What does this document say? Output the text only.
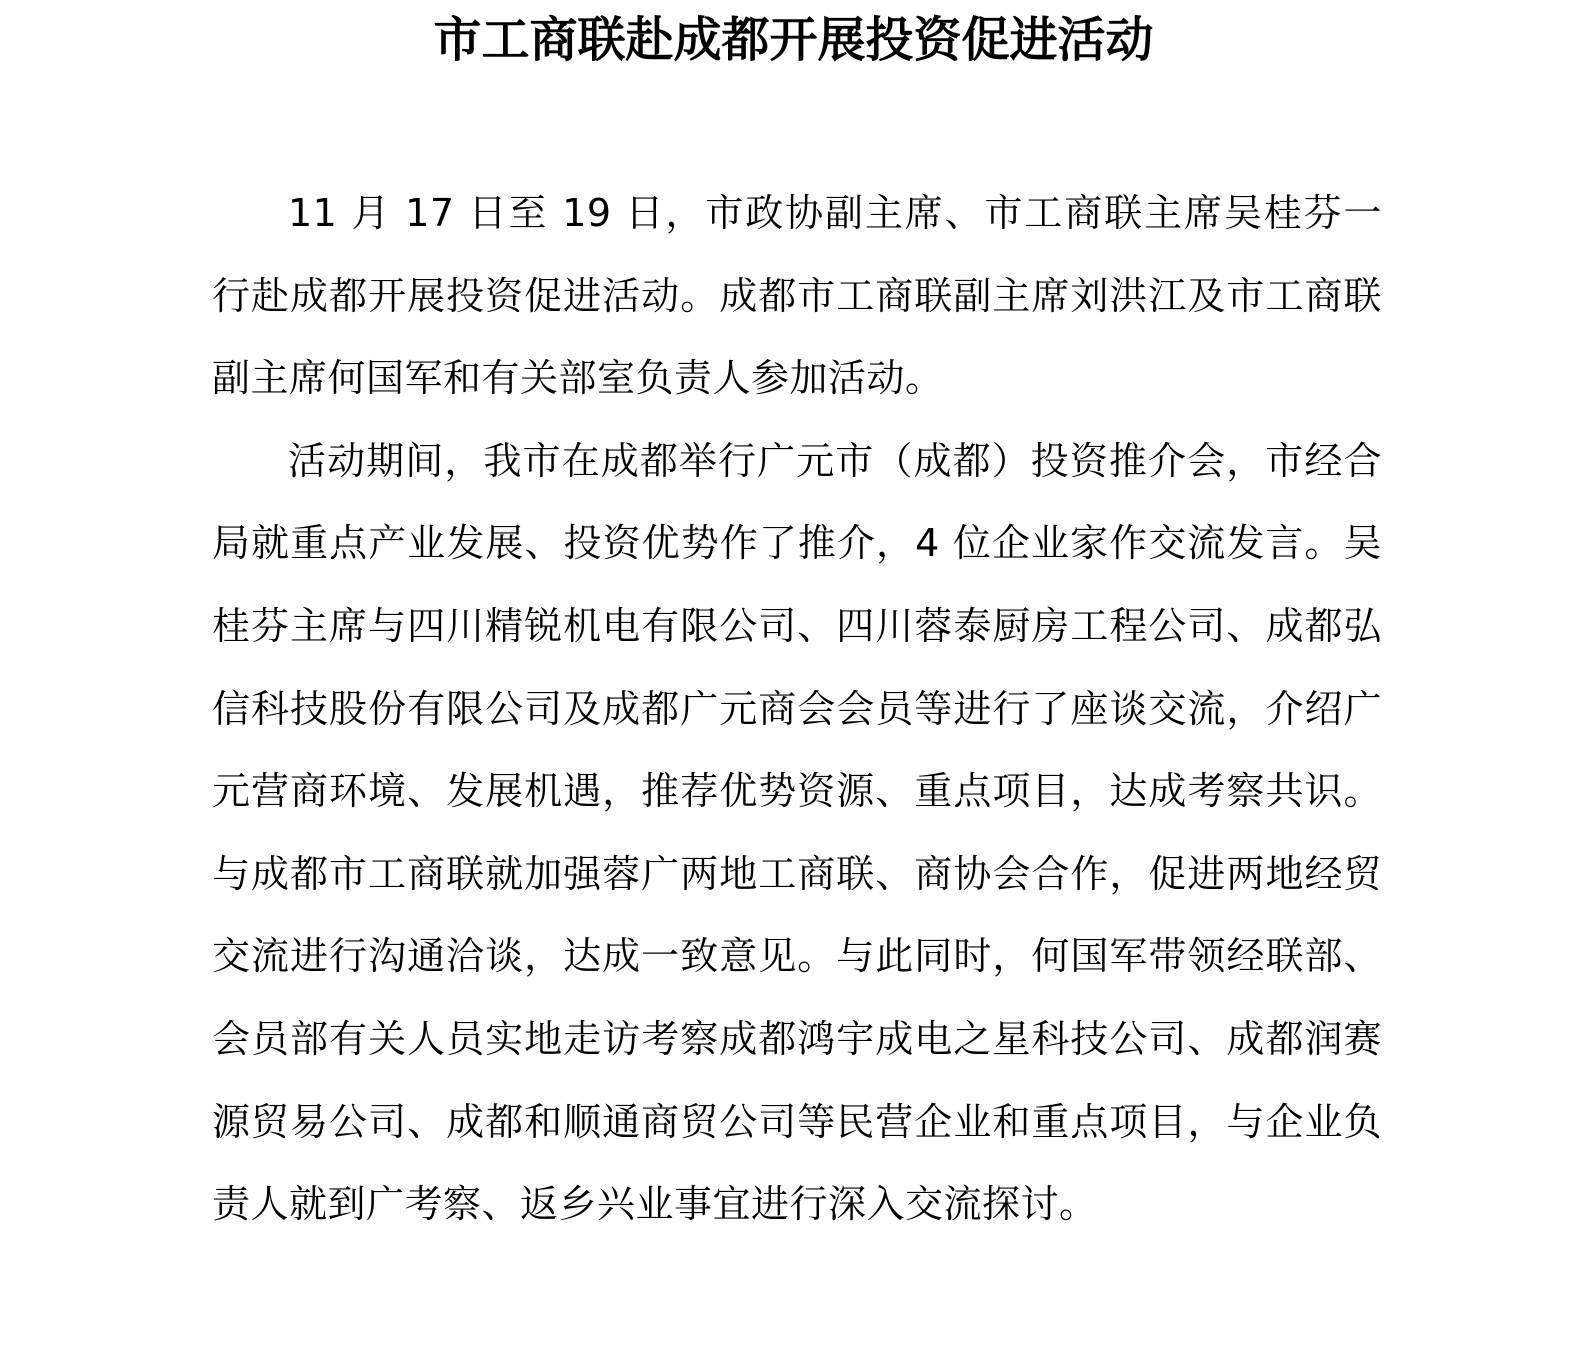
市工商联赴成都开展投资促进活动

11 月 17 日至 19 日，市政协副主席、市工商联主席吴桂芬一行赴成都开展投资促进活动。成都市工商联副主席刘洪江及市工商联副主席何国军和有关部室负责人参加活动。

活动期间，我市在成都举行广元市（成都）投资推介会，市经合局就重点产业发展、投资优势作了推介，4 位企业家作交流发言。吴桂芬主席与四川精锐机电有限公司、四川蓉泰厨房工程公司、成都弘信科技股份有限公司及成都广元商会会员等进行了座谈交流，介绍广元营商环境、发展机遇，推荐优势资源、重点项目，达成考察共识。与成都市工商联就加强蓉广两地工商联、商协会合作，促进两地经贸交流进行沟通洽谈，达成一致意见。与此同时，何国军带领经联部、会员部有关人员实地走访考察成都鸿宇成电之星科技公司、成都润赛源贸易公司、成都和顺通商贸公司等民营企业和重点项目，与企业负责人就到广考察、返乡兴业事宜进行深入交流探讨。
